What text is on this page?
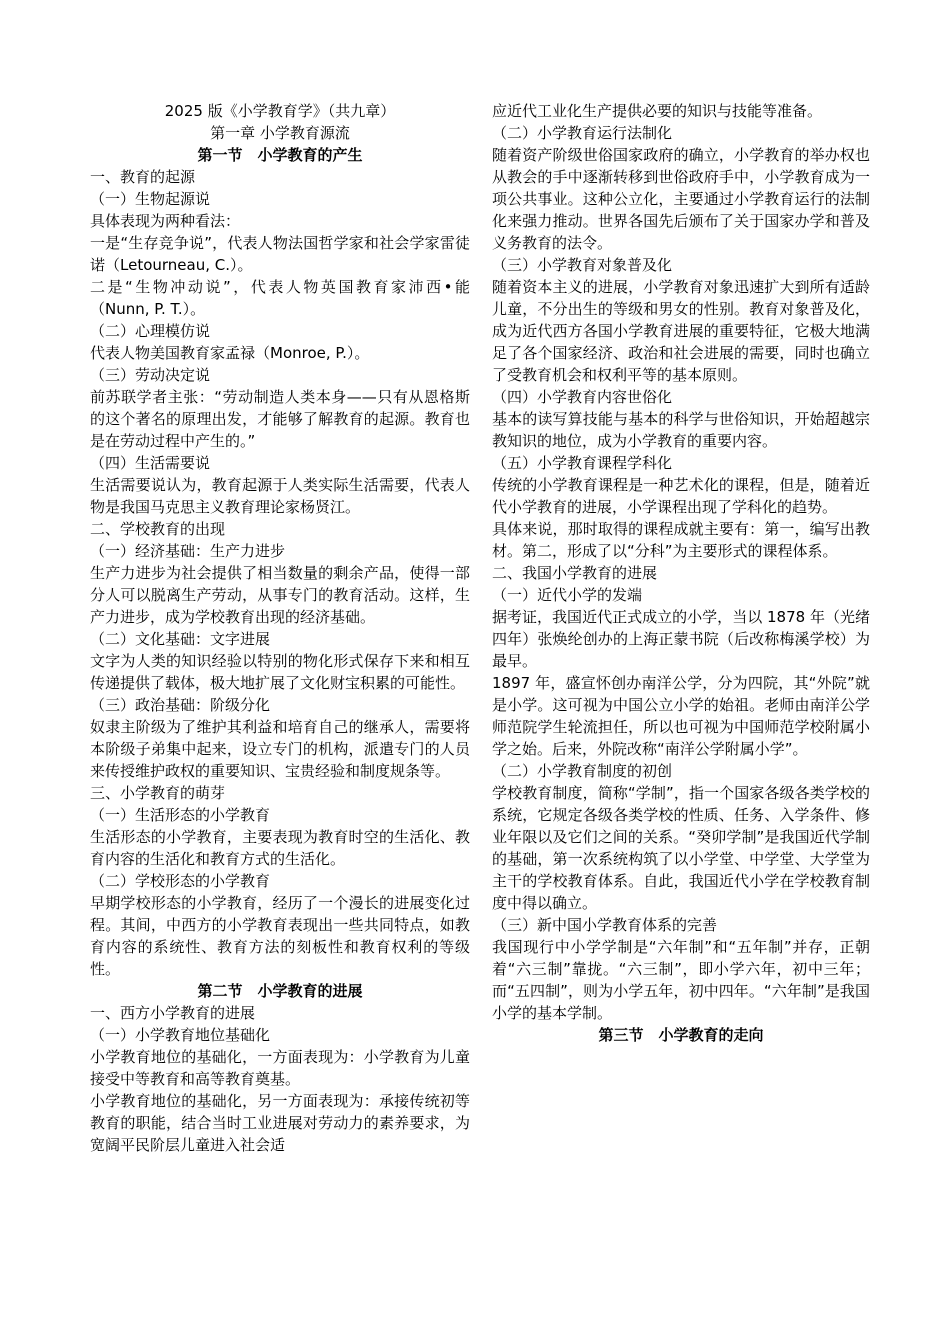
2025 版《小学教育学》（共九章）

第一章 小学教育源流

第一节　小学教育的产生
一、教育的起源
（一）生物起源说
具体表现为两种看法：
一是“生存竞争说”，代表人物法国哲学家和社会学家雷徒诺（Letourneau, C.）。
二是“生物冲动说”，代表人物英国教育家沛西•能（Nunn, P. T.）。
（二）心理模仿说
代表人物美国教育家孟禄（Monroe, P.）。
（三）劳动决定说
前苏联学者主张：“劳动制造人类本身——只有从恩格斯的这个著名的原理出发，才能够了解教育的起源。教育也是在劳动过程中产生的。”
（四）生活需要说
生活需要说认为，教育起源于人类实际生活需要，代表人物是我国马克思主义教育理论家杨贤江。
二、学校教育的出现
（一）经济基础：生产力进步
生产力进步为社会提供了相当数量的剩余产品，使得一部分人可以脱离生产劳动，从事专门的教育活动。这样，生产力进步，成为学校教育出现的经济基础。
（二）文化基础：文字进展
文字为人类的知识经验以特别的物化形式保存下来和相互传递提供了载体，极大地扩展了文化财宝积累的可能性。
（三）政治基础：阶级分化
奴隶主阶级为了维护其利益和培育自己的继承人，需要将本阶级子弟集中起来，设立专门的机构，派遣专门的人员来传授维护政权的重要知识、宝贵经验和制度规条等。
三、小学教育的萌芽
（一）生活形态的小学教育
生活形态的小学教育，主要表现为教育时空的生活化、教育内容的生活化和教育方式的生活化。
（二）学校形态的小学教育
早期学校形态的小学教育，经历了一个漫长的进展变化过程。其间，中西方的小学教育表现出一些共同特点，如教育内容的系统性、教育方法的刻板性和教育权利的等级性。
第二节　小学教育的进展
一、西方小学教育的进展
（一）小学教育地位基础化
小学教育地位的基础化，一方面表现为：小学教育为儿童接受中等教育和高等教育奠基。
小学教育地位的基础化，另一方面表现为：承接传统初等教育的职能，结合当时工业进展对劳动力的素养要求，为宽阔平民阶层儿童进入社会适
应近代工业化生产提供必要的知识与技能等准备。
（二）小学教育运行法制化
随着资产阶级世俗国家政府的确立，小学教育的举办权也从教会的手中逐渐转移到世俗政府手中，小学教育成为一项公共事业。这种公立化，主要通过小学教育运行的法制化来强力推动。世界各国先后颁布了关于国家办学和普及义务教育的法令。
（三）小学教育对象普及化
随着资本主义的进展，小学教育对象迅速扩大到所有适龄儿童，不分出生的等级和男女的性别。教育对象普及化，成为近代西方各国小学教育进展的重要特征，它极大地满足了各个国家经济、政治和社会进展的需要，同时也确立了受教育机会和权利平等的基本原则。
（四）小学教育内容世俗化
基本的读写算技能与基本的科学与世俗知识，开始超越宗教知识的地位，成为小学教育的重要内容。
（五）小学教育课程学科化
传统的小学教育课程是一种艺术化的课程，但是，随着近代小学教育的进展，小学课程出现了学科化的趋势。
具体来说，那时取得的课程成就主要有：第一，编写出教材。第二，形成了以“分科”为主要形式的课程体系。
二、我国小学教育的进展
（一）近代小学的发端
据考证，我国近代正式成立的小学，当以 1878 年（光绪四年）张焕纶创办的上海正蒙书院（后改称梅溪学校）为最早。
1897 年，盛宣怀创办南洋公学，分为四院，其“外院”就是小学。这可视为中国公立小学的始祖。老师由南洋公学师范院学生轮流担任，所以也可视为中国师范学校附属小学之始。后来，外院改称“南洋公学附属小学”。
（二）小学教育制度的初创
学校教育制度，简称“学制”，指一个国家各级各类学校的系统，它规定各级各类学校的性质、任务、入学条件、修业年限以及它们之间的关系。“癸卯学制”是我国近代学制的基础，第一次系统构筑了以小学堂、中学堂、大学堂为主干的学校教育体系。自此，我国近代小学在学校教育制度中得以确立。
（三）新中国小学教育体系的完善
我国现行中小学学制是“六年制”和“五年制”并存，正朝着“六三制”靠拢。“六三制”，即小学六年，初中三年；而“五四制”，则为小学五年，初中四年。“六年制”是我国小学的基本学制。
第三节　小学教育的走向
